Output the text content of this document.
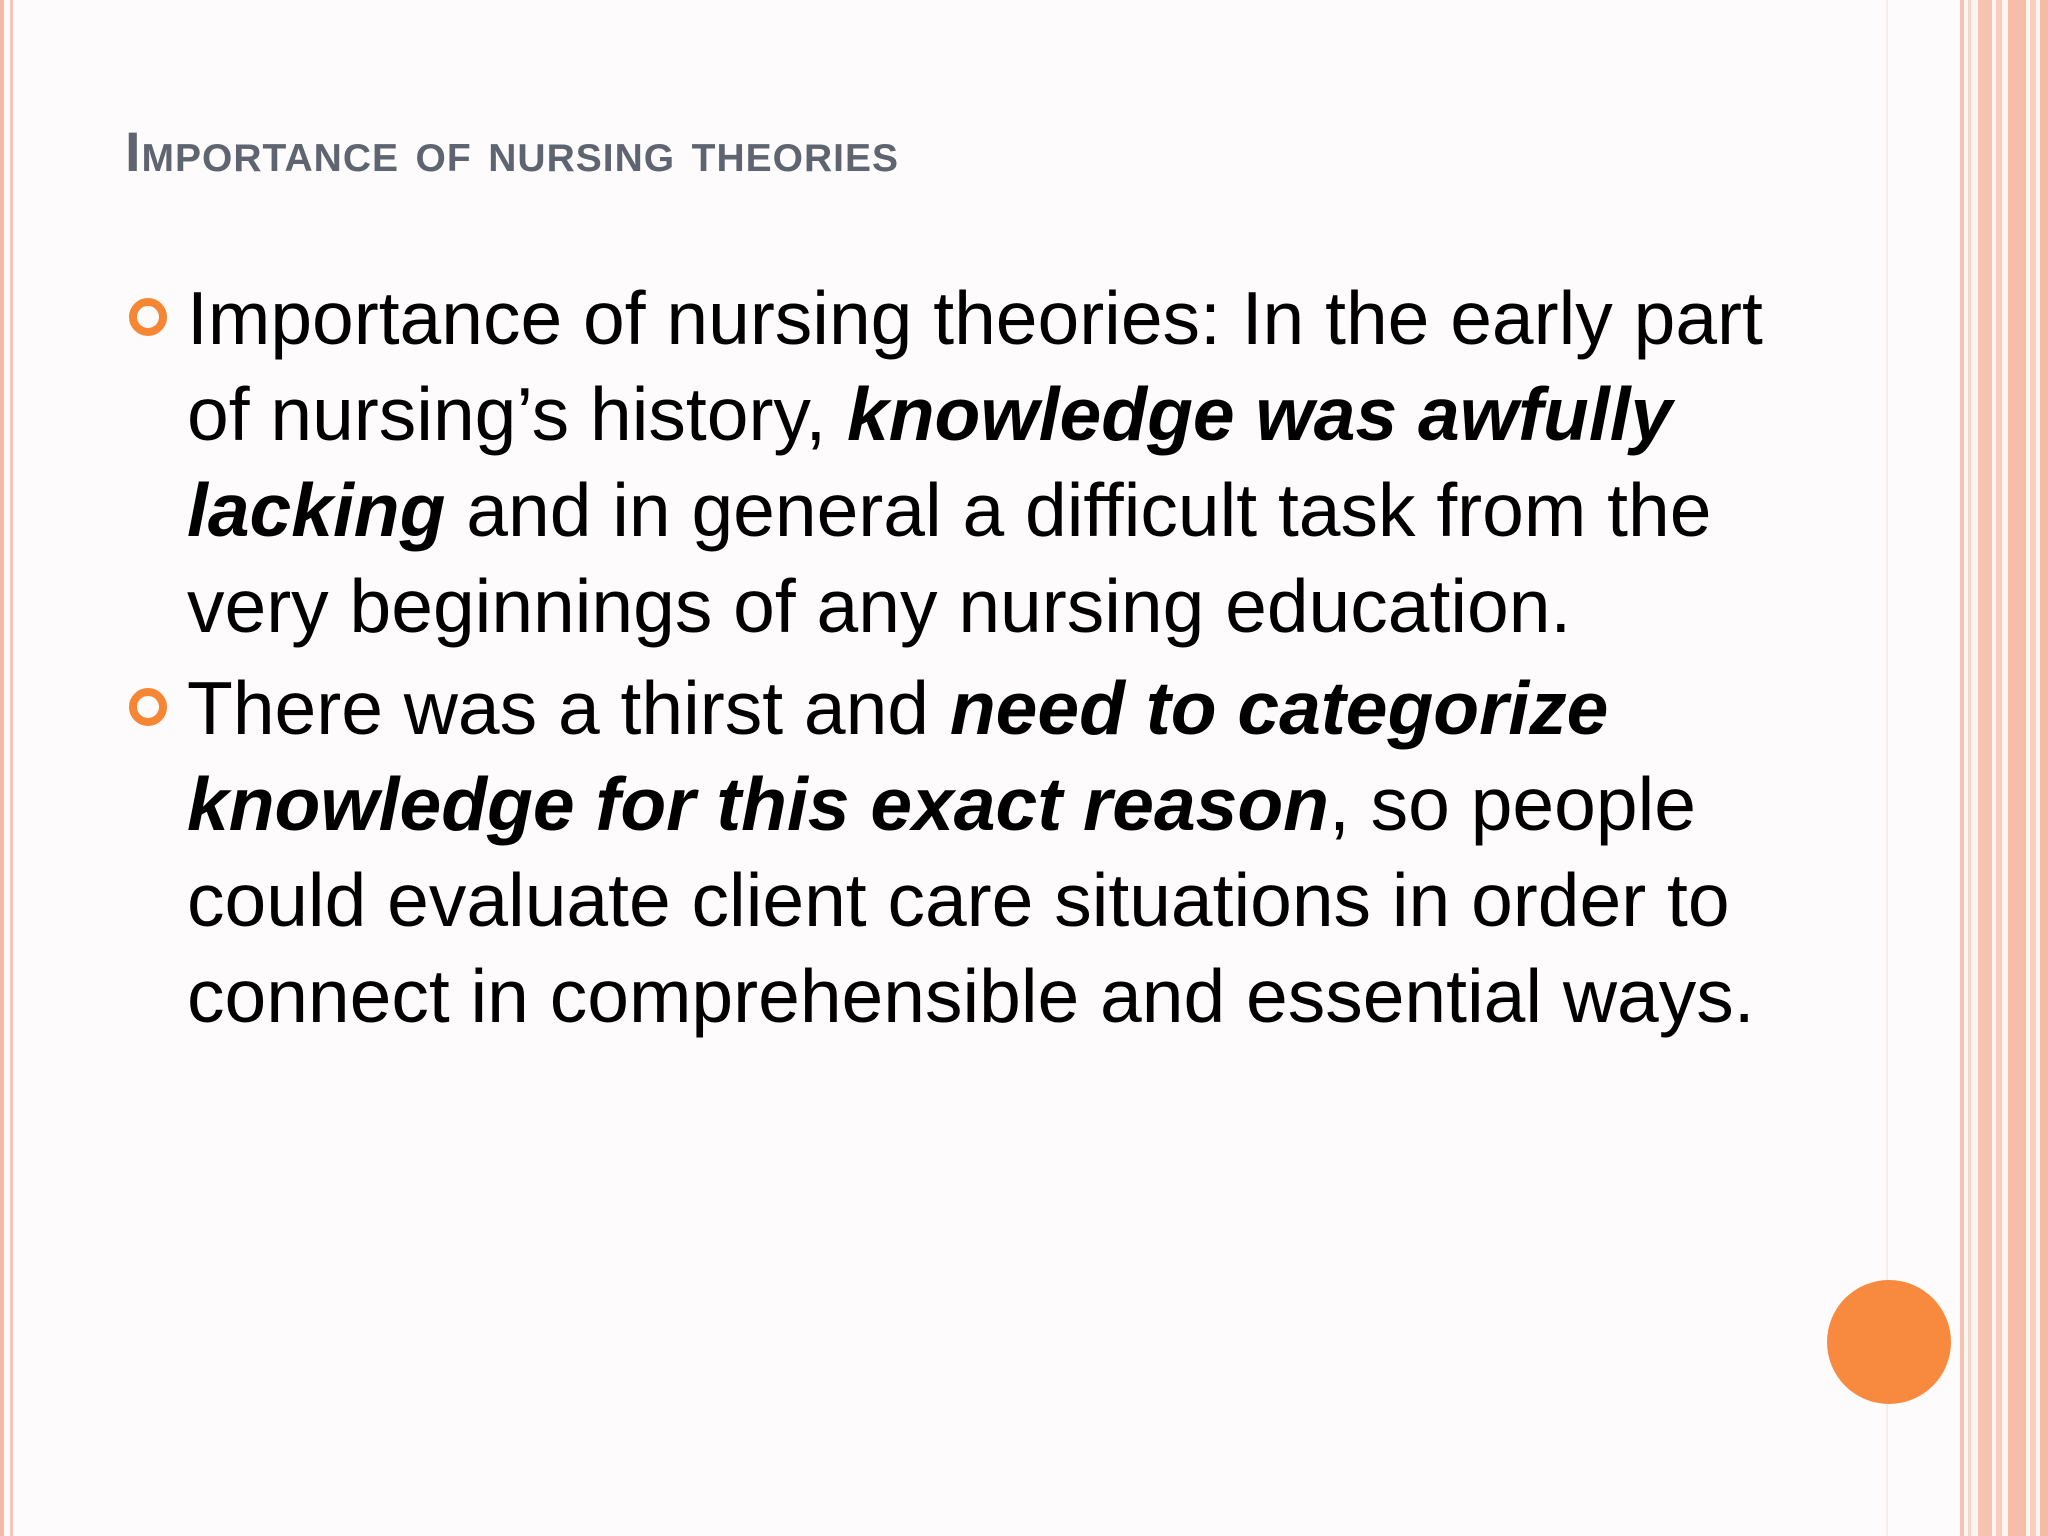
Importance of nursing theories
Importance of nursing theories: In the early part of nursing’s history, knowledge was awfully lacking and in general a difficult task from the very beginnings of any nursing education.
There was a thirst and need to categorize knowledge for this exact reason, so people could evaluate client care situations in order to connect in comprehensible and essential ways.
